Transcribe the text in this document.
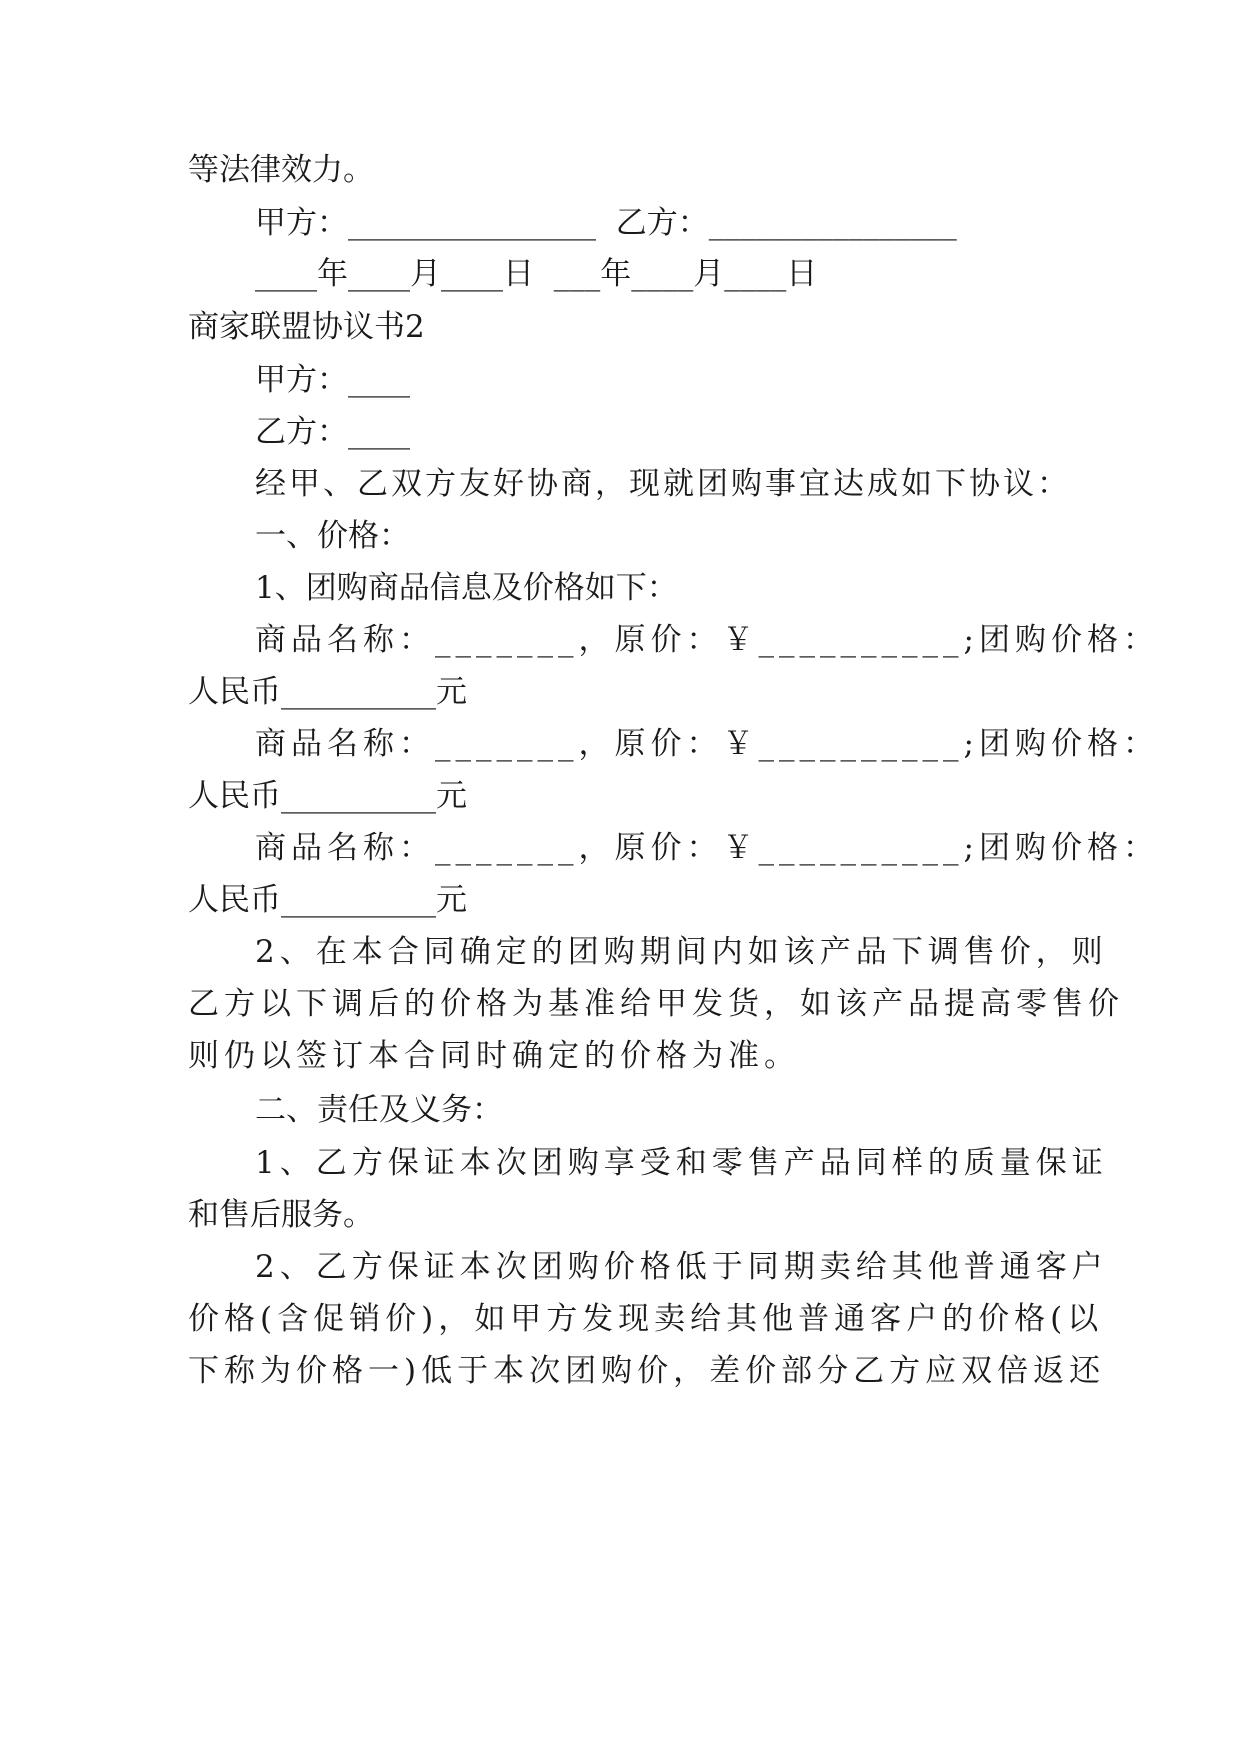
等法律效力。
甲方：________________  乙方：________________
____年____月____日  ___年____月____日
商家联盟协议书2
甲方：____
乙方：____
经甲、乙双方友好协商，现就团购事宜达成如下协议：
一、价格：
1、团购商品信息及价格如下：
商品名称：_______，原价：￥__________;团购价格：
人民币__________元
商品名称：_______，原价：￥__________;团购价格：
人民币__________元
商品名称：_______，原价：￥__________;团购价格：
人民币__________元
2、在本合同确定的团购期间内如该产品下调售价，则
乙方以下调后的价格为基准给甲发货，如该产品提高零售价
则仍以签订本合同时确定的价格为准。
二、责任及义务：
1、乙方保证本次团购享受和零售产品同样的质量保证
和售后服务。
2、乙方保证本次团购价格低于同期卖给其他普通客户
价格(含促销价)，如甲方发现卖给其他普通客户的价格(以
下称为价格一)低于本次团购价，差价部分乙方应双倍返还
